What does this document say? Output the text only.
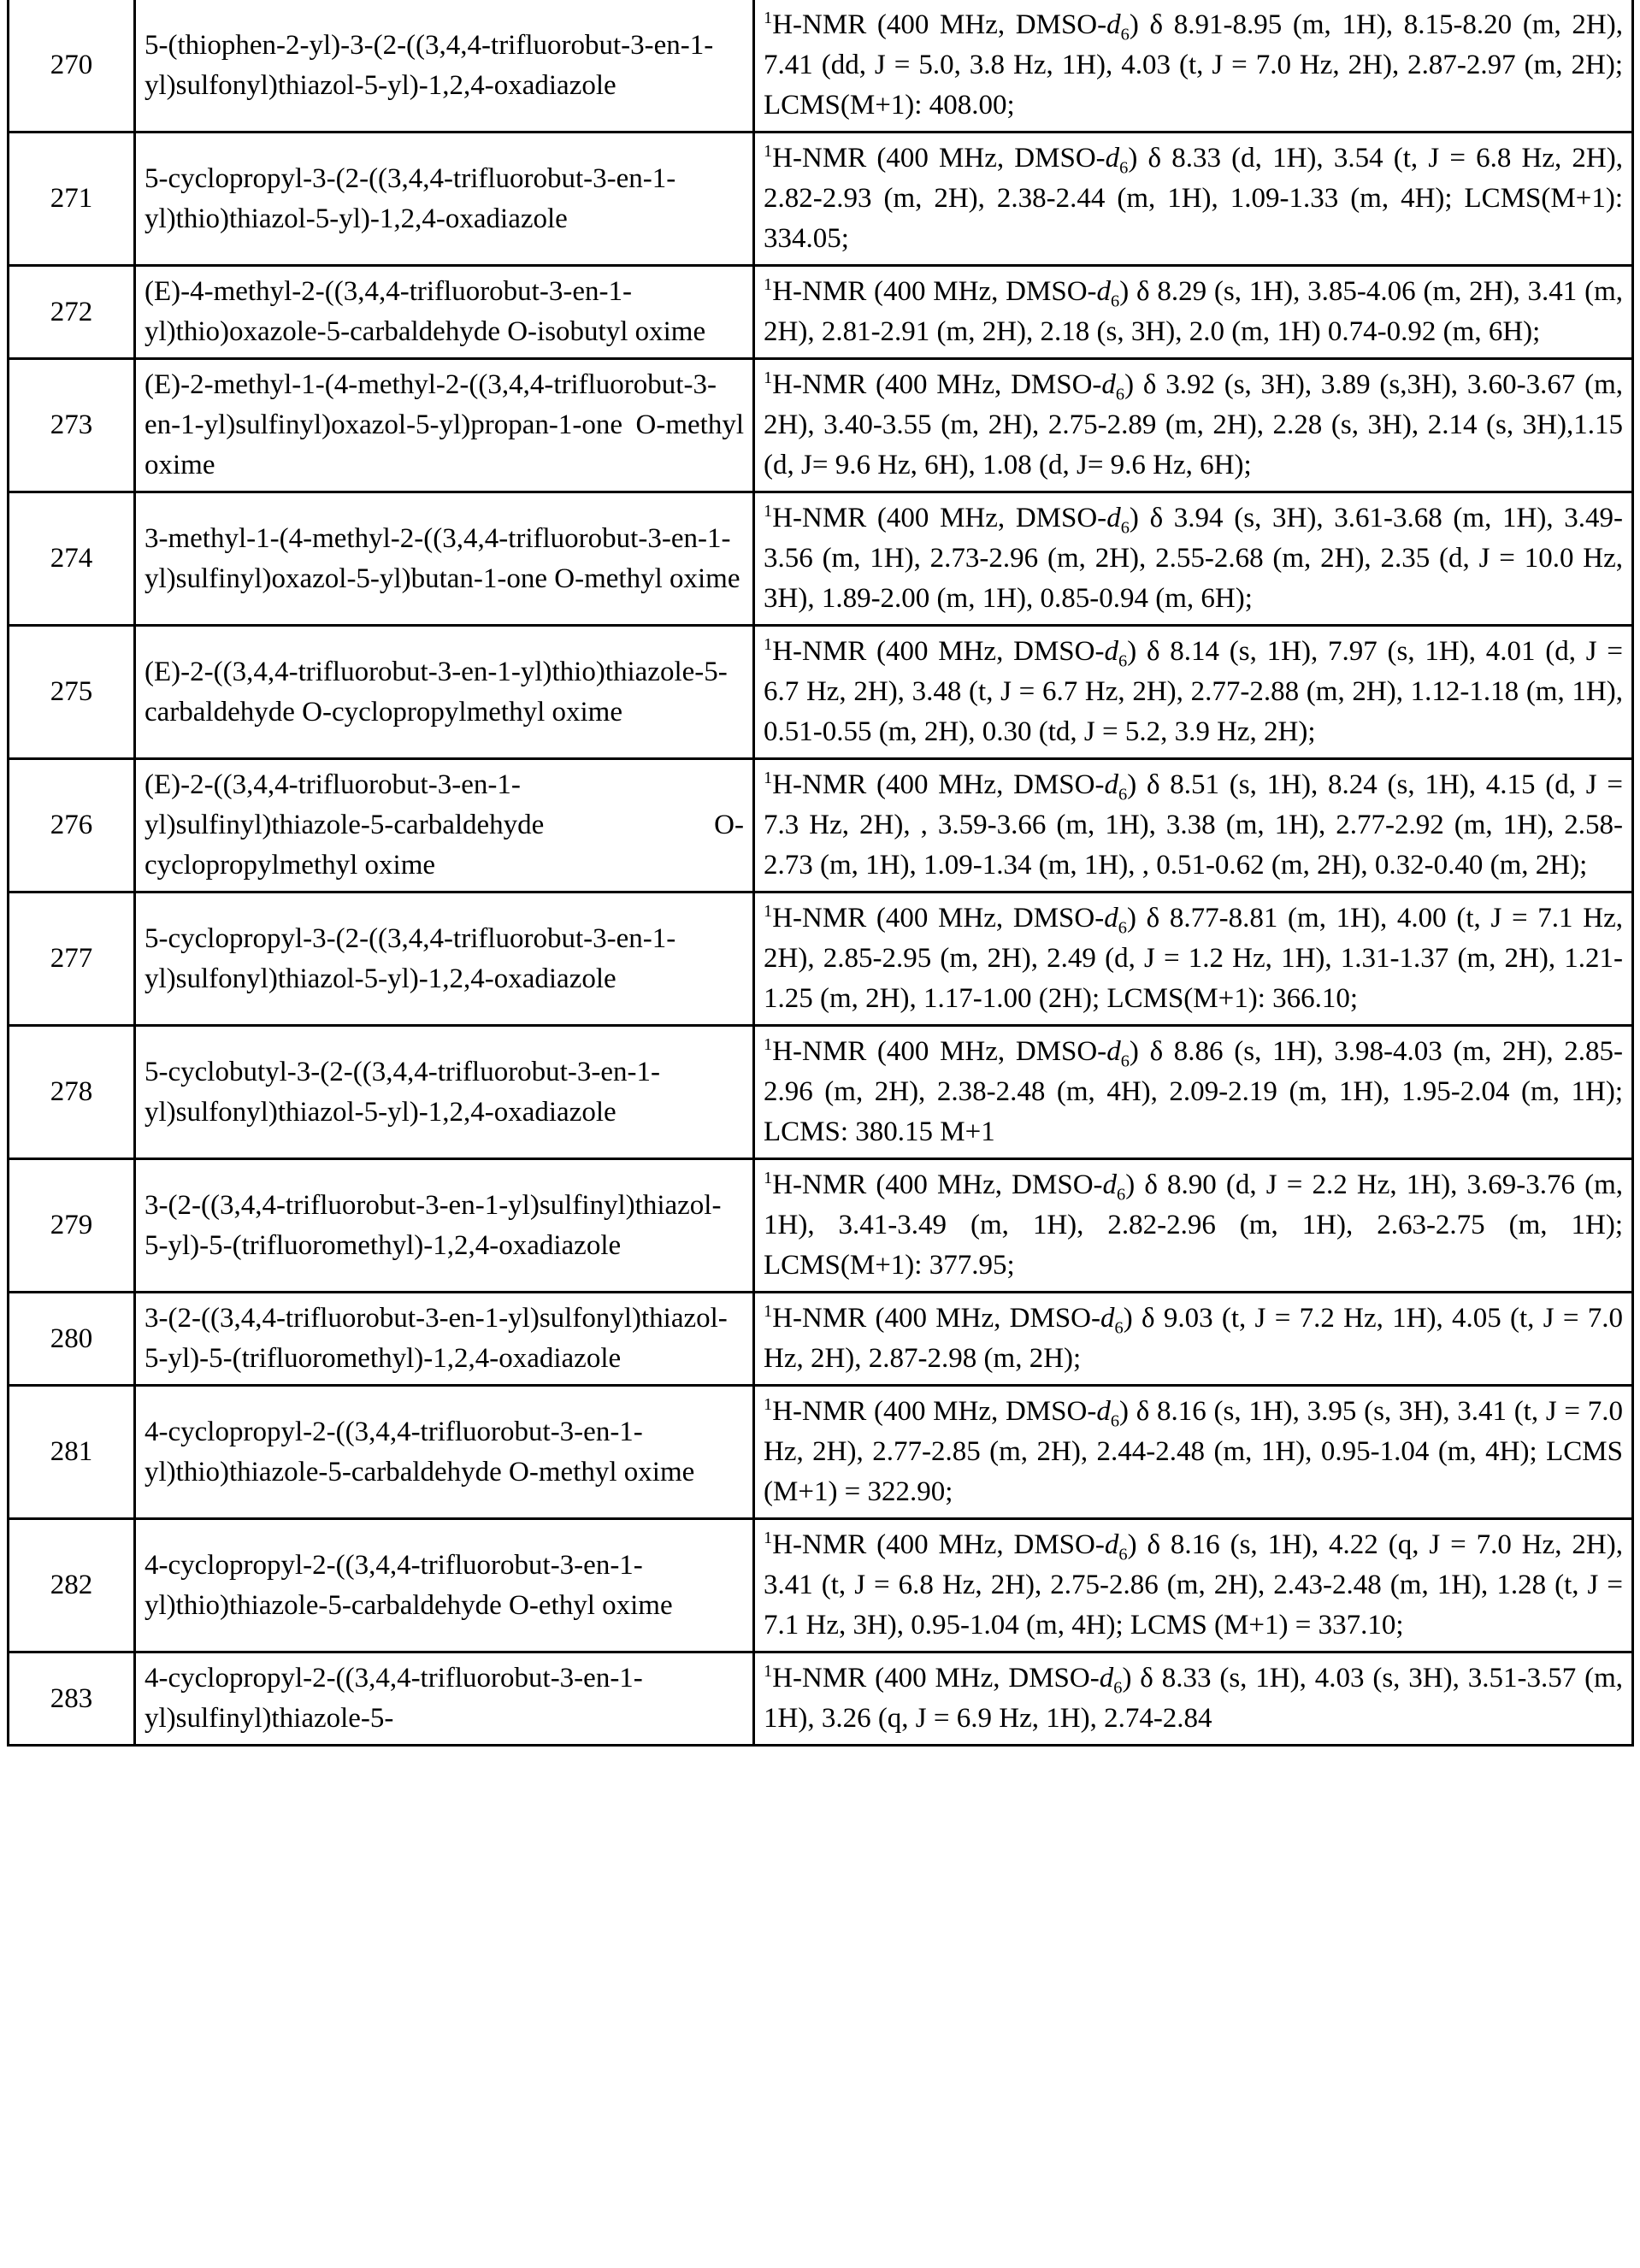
270	5-(thiophen-2-yl)-3-(2-((3,4,4-trifluorobut-3-en-1-yl)sulfonyl)thiazol-5-yl)-1,2,4-oxadiazole	$^1$H-NMR (400 MHz, DMSO-$d_6$) δ 8.91-8.95 (m, 1H), 8.15-8.20 (m, 2H), 7.41 (dd, J = 5.0, 3.8 Hz, 1H), 4.03 (t, J = 7.0 Hz, 2H), 2.87-2.97 (m, 2H); LCMS(M+1): 408.00;
271	5-cyclopropyl-3-(2-((3,4,4-trifluorobut-3-en-1-yl)thio)thiazol-5-yl)-1,2,4-oxadiazole	$^1$H-NMR (400 MHz, DMSO-$d_6$) δ 8.33 (d, 1H), 3.54 (t, J = 6.8 Hz, 2H), 2.82-2.93 (m, 2H), 2.38-2.44 (m, 1H), 1.09-1.33 (m, 4H); LCMS(M+1): 334.05;
272	(E)-4-methyl-2-((3,4,4-trifluorobut-3-en-1-yl)thio)oxazole-5-carbaldehyde O-isobutyl oxime	$^1$H-NMR (400 MHz, DMSO-$d_6$) δ 8.29 (s, 1H), 3.85-4.06 (m, 2H), 3.41 (m, 2H), 2.81-2.91 (m, 2H), 2.18 (s, 3H), 2.0 (m, 1H) 0.74-0.92 (m, 6H);
273	(E)-2-methyl-1-(4-methyl-2-((3,4,4-trifluorobut-3-en-1-yl)sulfinyl)oxazol-5-yl)propan-1-one O-methyl oxime	$^1$H-NMR (400 MHz, DMSO-$d_6$) δ 3.92 (s, 3H), 3.89 (s,3H), 3.60-3.67 (m, 2H), 3.40-3.55 (m, 2H), 2.75-2.89 (m, 2H), 2.28 (s, 3H), 2.14 (s, 3H),1.15 (d, J= 9.6 Hz, 6H), 1.08 (d, J= 9.6 Hz, 6H);
274	3-methyl-1-(4-methyl-2-((3,4,4-trifluorobut-3-en-1-yl)sulfinyl)oxazol-5-yl)butan-1-one O-methyl oxime	$^1$H-NMR (400 MHz, DMSO-$d_6$) δ 3.94 (s, 3H), 3.61-3.68 (m, 1H), 3.49-3.56 (m, 1H), 2.73-2.96 (m, 2H), 2.55-2.68 (m, 2H), 2.35 (d, J = 10.0 Hz, 3H), 1.89-2.00 (m, 1H), 0.85-0.94 (m, 6H);
275	(E)-2-((3,4,4-trifluorobut-3-en-1-yl)thio)thiazole-5-carbaldehyde O-cyclopropylmethyl oxime	$^1$H-NMR (400 MHz, DMSO-$d_6$) δ 8.14 (s, 1H), 7.97 (s, 1H), 4.01 (d, J = 6.7 Hz, 2H), 3.48 (t, J = 6.7 Hz, 2H), 2.77-2.88 (m, 2H), 1.12-1.18 (m, 1H), 0.51-0.55 (m, 2H), 0.30 (td, J = 5.2, 3.9 Hz, 2H);
276	(E)-2-((3,4,4-trifluorobut-3-en-1-yl)sulfinyl)thiazole-5-carbaldehyde O-cyclopropylmethyl oxime	$^1$H-NMR (400 MHz, DMSO-$d_6$) δ 8.51 (s, 1H), 8.24 (s, 1H), 4.15 (d, J = 7.3 Hz, 2H), , 3.59-3.66 (m, 1H), 3.38 (m, 1H), 2.77-2.92 (m, 1H), 2.58-2.73 (m, 1H), 1.09-1.34 (m, 1H), , 0.51-0.62 (m, 2H), 0.32-0.40 (m, 2H);
277	5-cyclopropyl-3-(2-((3,4,4-trifluorobut-3-en-1-yl)sulfonyl)thiazol-5-yl)-1,2,4-oxadiazole	$^1$H-NMR (400 MHz, DMSO-$d_6$) δ 8.77-8.81 (m, 1H), 4.00 (t, J = 7.1 Hz, 2H), 2.85-2.95 (m, 2H), 2.49 (d, J = 1.2 Hz, 1H), 1.31-1.37 (m, 2H), 1.21-1.25 (m, 2H), 1.17-1.00 (2H); LCMS(M+1): 366.10;
278	5-cyclobutyl-3-(2-((3,4,4-trifluorobut-3-en-1-yl)sulfonyl)thiazol-5-yl)-1,2,4-oxadiazole	$^1$H-NMR (400 MHz, DMSO-$d_6$) δ 8.86 (s, 1H), 3.98-4.03 (m, 2H), 2.85-2.96 (m, 2H), 2.38-2.48 (m, 4H), 2.09-2.19 (m, 1H), 1.95-2.04 (m, 1H); LCMS: 380.15 M+1
279	3-(2-((3,4,4-trifluorobut-3-en-1-yl)sulfinyl)thiazol-5-yl)-5-(trifluoromethyl)-1,2,4-oxadiazole	$^1$H-NMR (400 MHz, DMSO-$d_6$) δ 8.90 (d, J = 2.2 Hz, 1H), 3.69-3.76 (m, 1H), 3.41-3.49 (m, 1H), 2.82-2.96 (m, 1H), 2.63-2.75 (m, 1H); LCMS(M+1): 377.95;
280	3-(2-((3,4,4-trifluorobut-3-en-1-yl)sulfonyl)thiazol-5-yl)-5-(trifluoromethyl)-1,2,4-oxadiazole	$^1$H-NMR (400 MHz, DMSO-$d_6$) δ 9.03 (t, J = 7.2 Hz, 1H), 4.05 (t, J = 7.0 Hz, 2H), 2.87-2.98 (m, 2H);
281	4-cyclopropyl-2-((3,4,4-trifluorobut-3-en-1-yl)thio)thiazole-5-carbaldehyde O-methyl oxime	$^1$H-NMR (400 MHz, DMSO-$d_6$) δ 8.16 (s, 1H), 3.95 (s, 3H), 3.41 (t, J = 7.0 Hz, 2H), 2.77-2.85 (m, 2H), 2.44-2.48 (m, 1H), 0.95-1.04 (m, 4H); LCMS (M+1) = 322.90;
282	4-cyclopropyl-2-((3,4,4-trifluorobut-3-en-1-yl)thio)thiazole-5-carbaldehyde O-ethyl oxime	$^1$H-NMR (400 MHz, DMSO-$d_6$) δ 8.16 (s, 1H), 4.22 (q, J = 7.0 Hz, 2H), 3.41 (t, J = 6.8 Hz, 2H), 2.75-2.86 (m, 2H), 2.43-2.48 (m, 1H), 1.28 (t, J = 7.1 Hz, 3H), 0.95-1.04 (m, 4H); LCMS (M+1) = 337.10;
283	4-cyclopropyl-2-((3,4,4-trifluorobut-3-en-1-yl)sulfinyl)thiazole-5-	$^1$H-NMR (400 MHz, DMSO-$d_6$) δ 8.33 (s, 1H), 4.03 (s, 3H), 3.51-3.57 (m, 1H), 3.26 (q, J = 6.9 Hz, 1H), 2.74-2.84
